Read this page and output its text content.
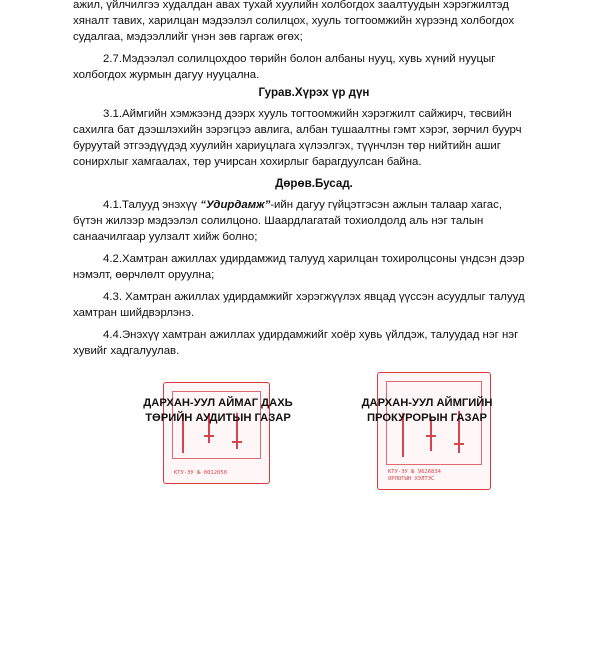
ажил, үйлчилгээ худалдан авах тухай хуулийн холбогдох заалтуудын хэрэгжилтэд
хяналт тавих, харилцан мэдээлэл солилцох, хууль тогтоомжийн хүрээнд холбогдох
судалгаа, мэдээллийг үнэн зөв гаргаж өгөх;
2.7.Мэдээлэл солилцохдоо төрийн болон албаны нууц, хувь хүний нууцыг
холбогдох журмын дагуу нууцална.
Гурав.Хүрэх үр дүн
3.1.Аймгийн хэмжээнд дээрх хууль тогтоомжийн хэрэгжилт сайжирч, төсвийн
сахилга бат дээшлэхийн зэрэгцээ авлига, албан тушаалтны гэмт хэрэг, зөрчил буурч
буруутай этгээдүүдэд хуулийн хариуцлага хүлээлгэх, түүнчлэн төр нийтийн ашиг
сонирхлыг хамгаалах, төр учирсан хохирлыг барагдуулсан байна.
Дөрөв.Бусад.
4.1.Талууд энэхүү “Удирдамж”-ийн дагуу гүйцэтгэсэн ажлын талаар хагас,
бүтэн жилээр мэдээлэл солилцоно. Шаардлагатай тохиолдолд аль нэг талын
санаачилгаар уулзалт хийж болно;
4.2.Хамтран ажиллах удирдамжид талууд харилцан тохиролцсоны үндсэн дээр
нэмэлт, өөрчлөлт оруулна;
4.3. Хамтран ажиллах удирдамжийг хэрэгжүүлэх явцад үүссэн асуудлыг талууд
хамтран шийдвэрлэнэ.
4.4.Энэхүү хамтран ажиллах удирдамжийг хоёр хувь үйлдэж, талуудад нэг нэг
хувийг хадгалуулав.
КТУ-ЭУ № 0012050	КТУ-ЭУ № 9626834
ОРЛОГЫН ХЭЛТЭС
ДАРХАН-УУЛ АЙМАГ ДАХЬ
ТӨРИЙН АУДИТЫН ГАЗАР
ДАРХАН-УУЛ АЙМГИЙН
ПРОКУРОРЫН ГАЗАР
